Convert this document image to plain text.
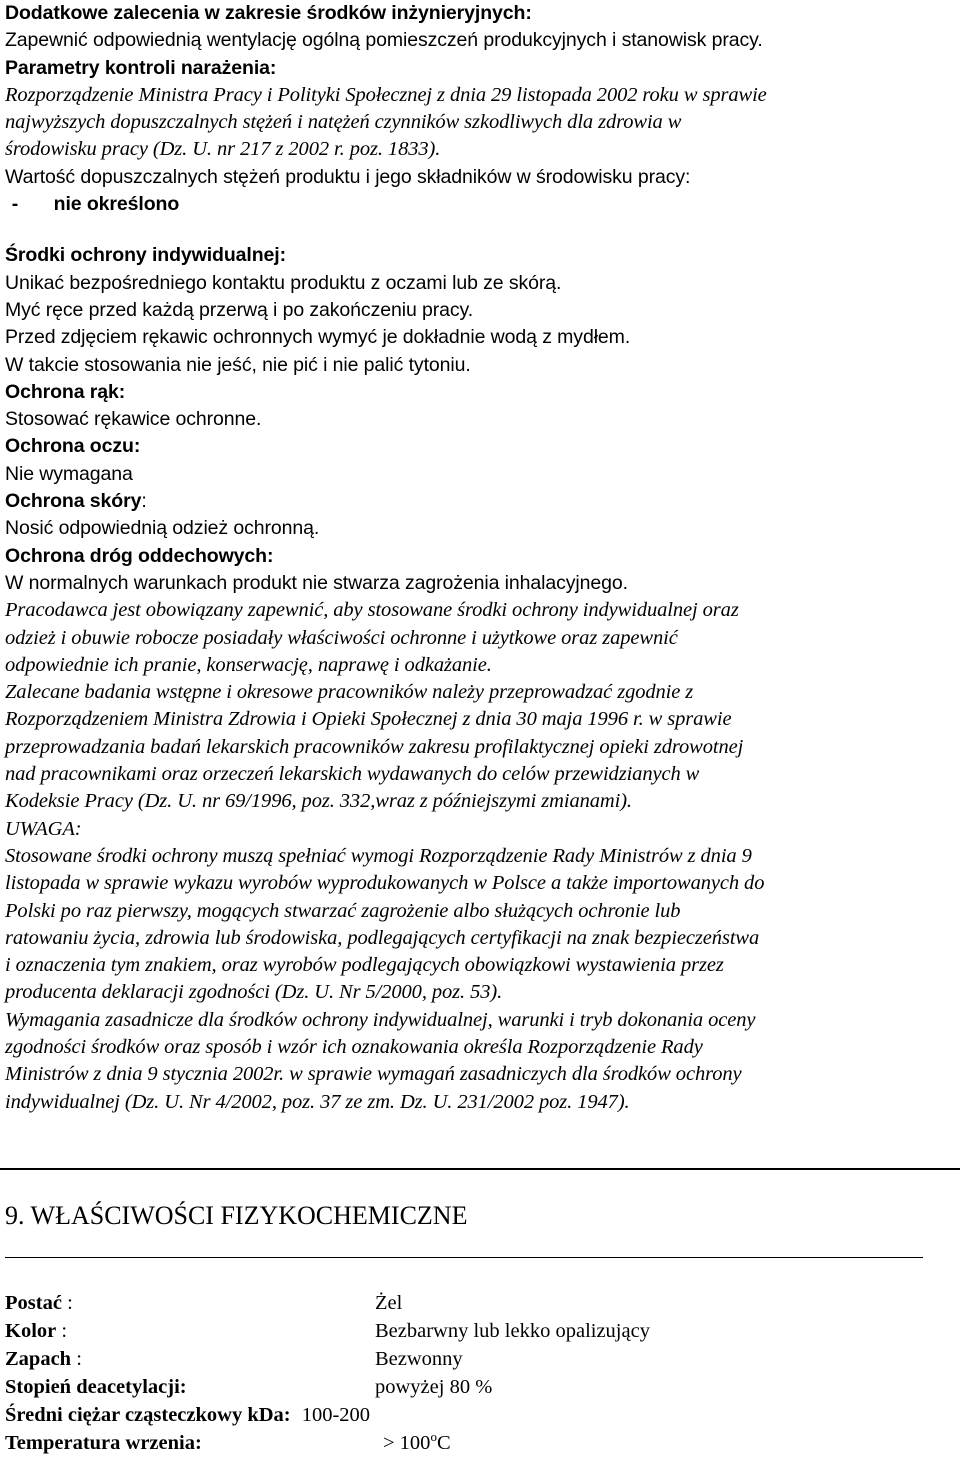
Dodatkowe zalecenia w zakresie środków inżynieryjnych:
Zapewnić odpowiednią wentylację ogólną pomieszczeń produkcyjnych i stanowisk pracy.
Parametry kontroli narażenia:
Rozporządzenie Ministra Pracy i Polityki Społecznej z dnia 29 listopada 2002 roku w sprawie
najwyższych dopuszczalnych stężeń i natężeń czynników szkodliwych dla zdrowia w
środowisku pracy (Dz. U. nr 217 z 2002 r. poz. 1833).
Wartość dopuszczalnych stężeń produktu i jego składników w środowisku pracy:
- nie określono
Środki ochrony indywidualnej:
Unikać bezpośredniego kontaktu produktu z oczami lub ze skórą.
Myć ręce przed każdą przerwą i po zakończeniu pracy.
Przed zdjęciem rękawic ochronnych wymyć je dokładnie wodą z mydłem.
W takcie stosowania nie jeść, nie pić i nie palić tytoniu.
Ochrona rąk:
Stosować rękawice ochronne.
Ochrona oczu:
Nie wymagana
Ochrona skóry:
Nosić odpowiednią odzież ochronną.
Ochrona dróg oddechowych:
W normalnych warunkach produkt nie stwarza zagrożenia inhalacyjnego.
Pracodawca jest obowiązany zapewnić, aby stosowane środki ochrony indywidualnej oraz
odzież i obuwie robocze posiadały właściwości ochronne i użytkowe oraz zapewnić
odpowiednie ich pranie, konserwację, naprawę i odkażanie.
Zalecane badania wstępne i okresowe pracowników należy przeprowadzać zgodnie z
Rozporządzeniem Ministra Zdrowia i Opieki Społecznej z dnia 30 maja 1996 r. w sprawie
przeprowadzania badań lekarskich pracowników zakresu profilaktycznej opieki zdrowotnej
nad pracownikami oraz orzeczeń lekarskich wydawanych do celów przewidzianych w
Kodeksie Pracy (Dz. U. nr 69/1996, poz. 332,wraz z późniejszymi zmianami).
UWAGA:
Stosowane środki ochrony muszą spełniać wymogi Rozporządzenie Rady Ministrów z dnia 9
listopada w sprawie wykazu wyrobów wyprodukowanych w Polsce a także importowanych do
Polski po raz pierwszy, mogących stwarzać zagrożenie albo służących ochronie lub
ratowaniu życia, zdrowia lub środowiska, podlegających certyfikacji na znak bezpieczeństwa
i oznaczenia tym znakiem, oraz wyrobów podlegających obowiązkowi wystawienia przez
producenta deklaracji zgodności (Dz. U. Nr 5/2000, poz. 53).
Wymagania zasadnicze dla środków ochrony indywidualnej, warunki i tryb dokonania oceny
zgodności środków oraz sposób i wzór ich oznakowania określa Rozporządzenie Rady
Ministrów z dnia 9 stycznia 2002r. w sprawie wymagań zasadniczych dla środków ochrony
indywidualnej (Dz. U. Nr 4/2002, poz. 37 ze zm. Dz. U. 231/2002 poz. 1947).
9. WŁAŚCIWOŚCI FIZYKOCHEMICZNE
Postać :	Żel
Kolor :	Bezbarwny lub lekko opalizujący
Zapach :	Bezwonny
Stopień deacetylacji:	powyżej 80 %
Średni ciężar cząsteczkowy kDa: 100-200
Temperatura wrzenia:	> $100^oC$
